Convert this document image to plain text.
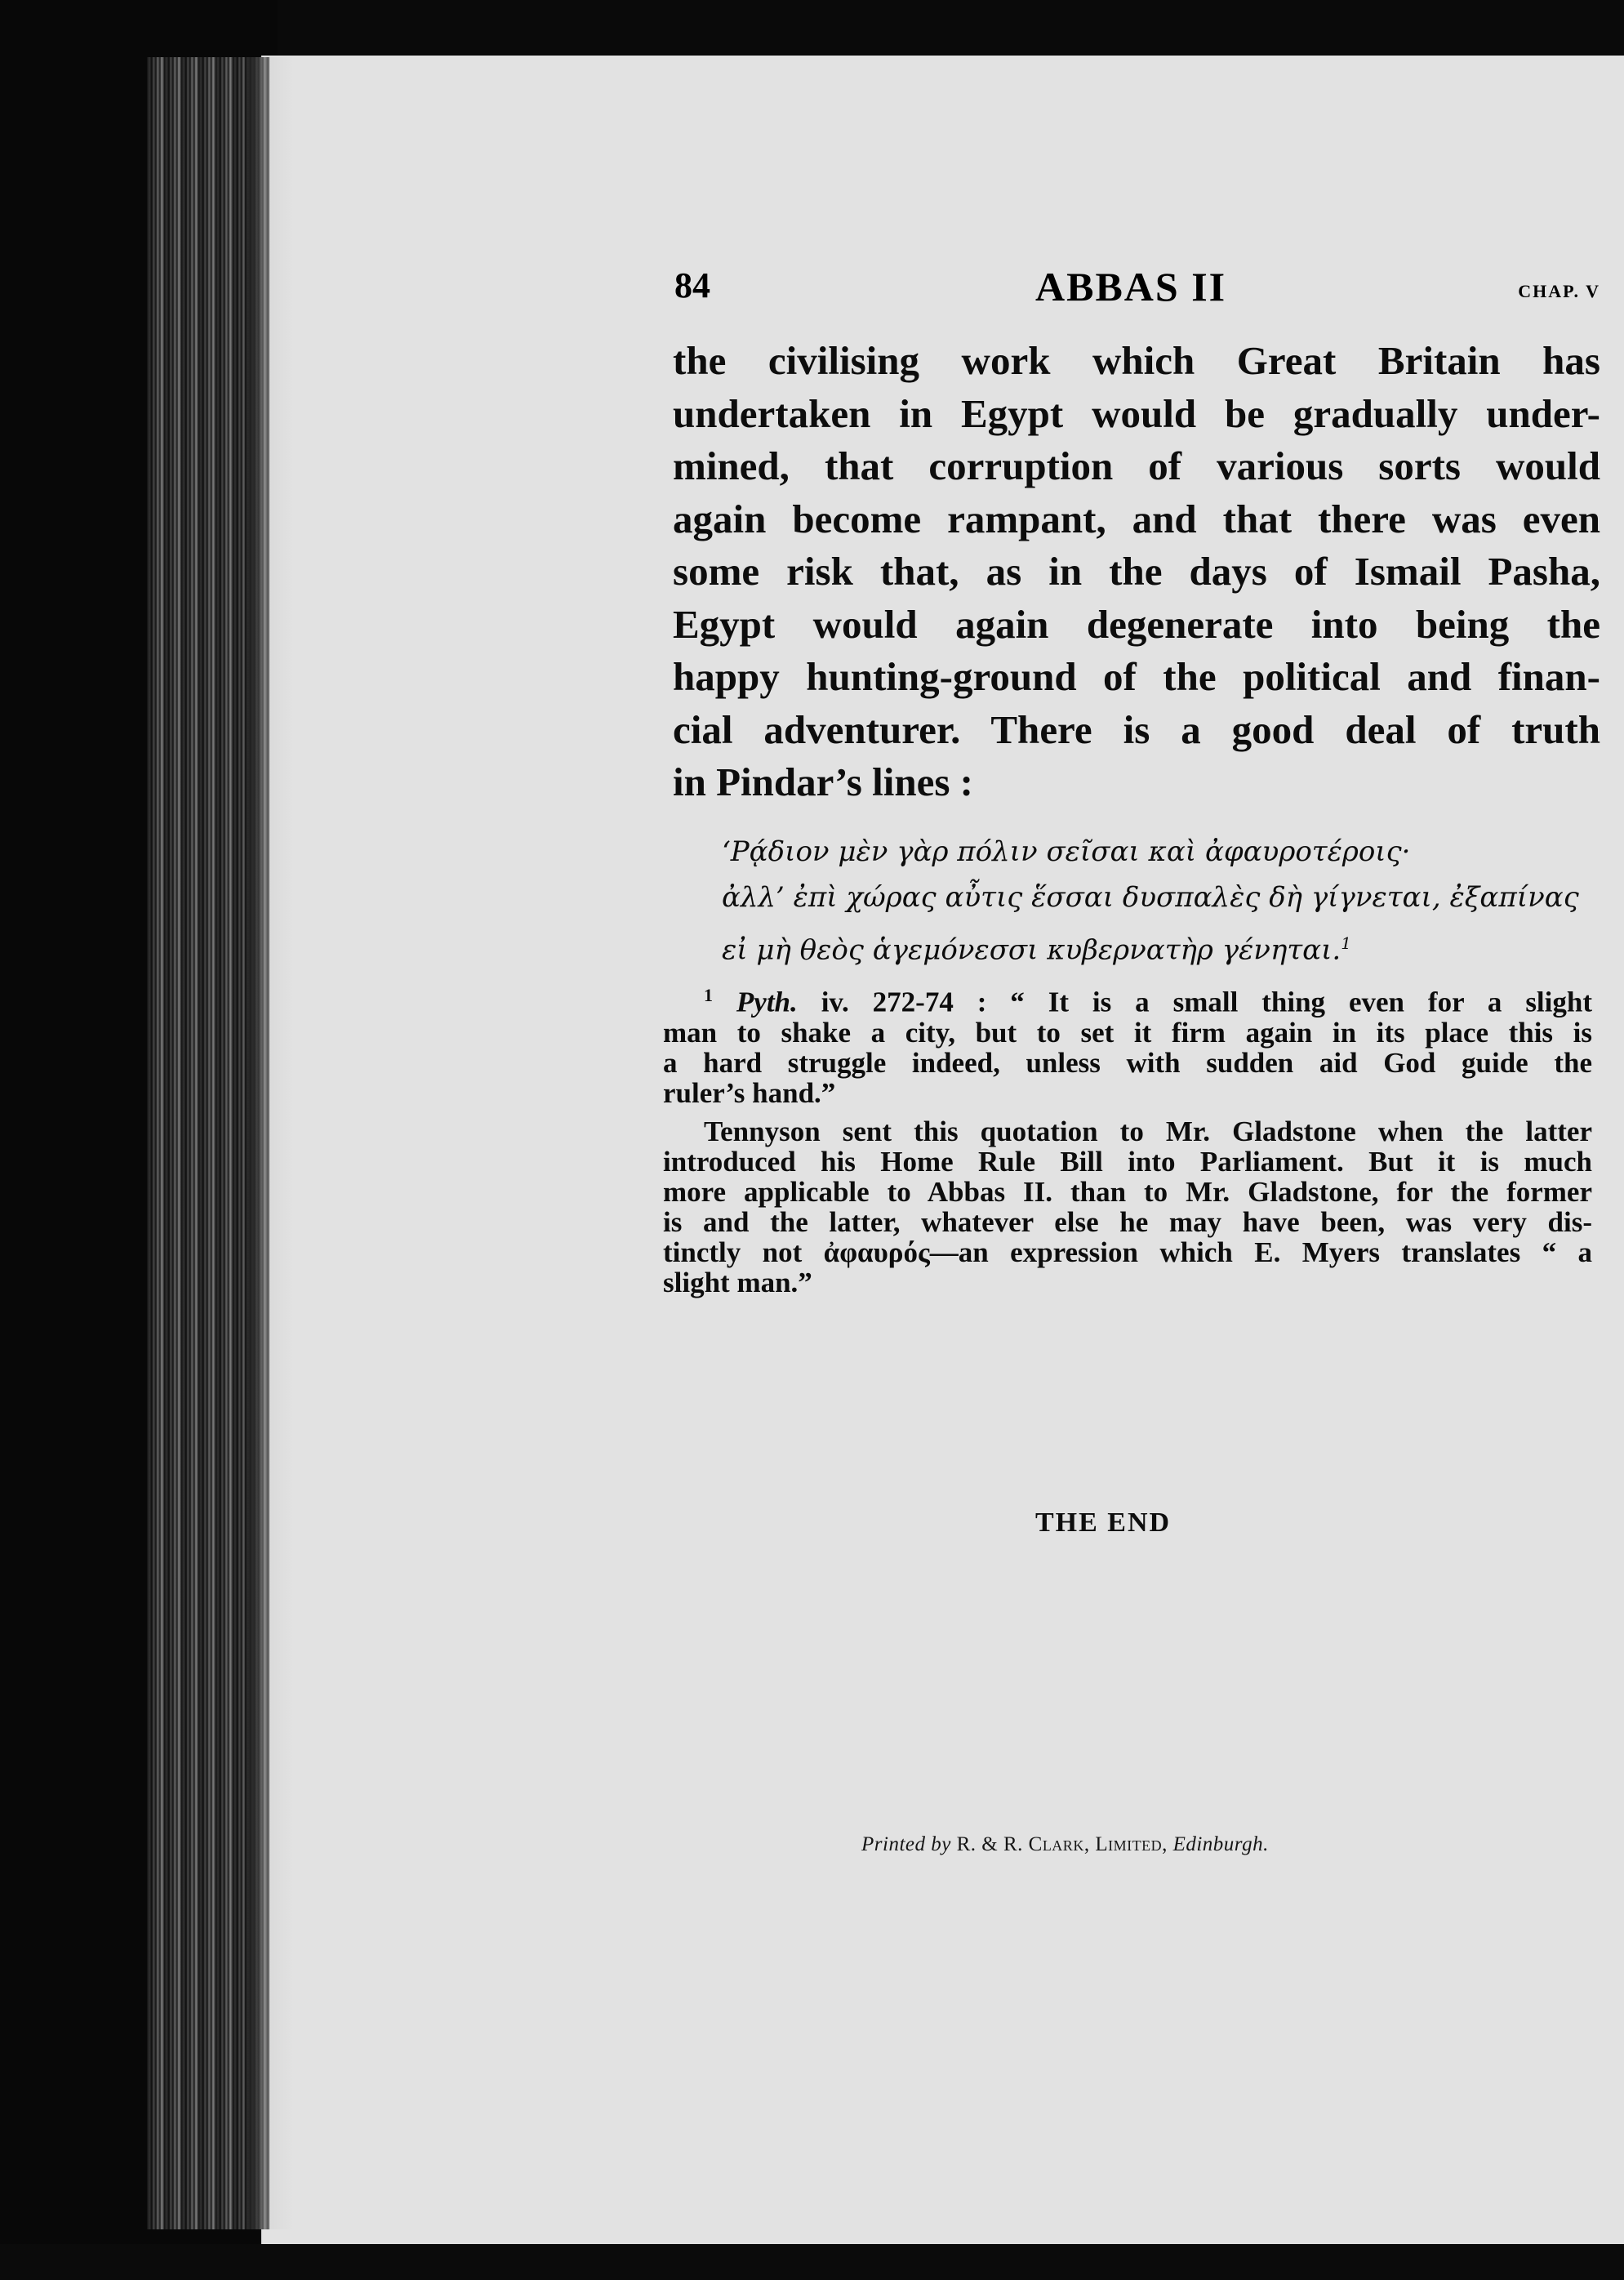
84	ABBAS II	CHAP. V
the civilising work which Great Britain has
undertaken in Egypt would be gradually under-
mined, that corruption of various sorts would
again become rampant, and that there was even
some risk that, as in the days of Ismail Pasha,
Egypt would again degenerate into being the
happy hunting-ground of the political and finan-
cial adventurer. There is a good deal of truth
in Pindar’s lines :
‘Ρᾴδιον μὲν γὰρ πόλιν σεῖσαι καὶ ἀφαυροτέροις·
ἀλλ’ ἐπὶ χώρας αὖτις ἕσσαι δυσπαλὲς δὴ γίγνεται, ἐξαπίνας
εἰ μὴ θεὸς ἁγεμόνεσσι κυβερνατὴρ γένηται.$^1$
$^1$ Pyth. iv. 272-74 : “ It is a small thing even for a slight
man to shake a city, but to set it firm again in its place this is
a hard struggle indeed, unless with sudden aid God guide the
ruler’s hand.”
Tennyson sent this quotation to Mr. Gladstone when the latter
introduced his Home Rule Bill into Parliament. But it is much
more applicable to Abbas II. than to Mr. Gladstone, for the former
is and the latter, whatever else he may have been, was very dis-
tinctly not ἀφαυρός—an expression which E. Myers translates “ a
slight man.”
THE END
Printed by R. & R. Clark, Limited, Edinburgh.
